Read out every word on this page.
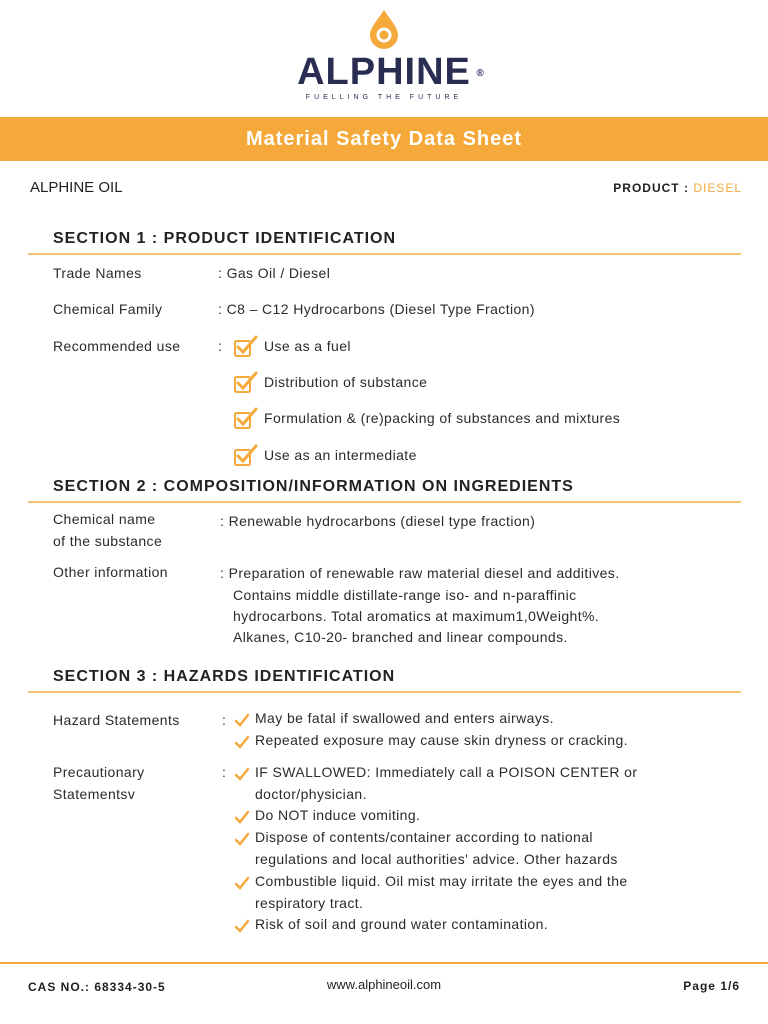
ALPHINE ®
FUELLING THE FUTURE
Material Safety Data Sheet
ALPHINE OIL	PRODUCT : DIESEL
SECTION 1 : PRODUCT IDENTIFICATION
Trade Names	: Gas Oil / Diesel
Chemical Family	: C8 – C12 Hydrocarbons (Diesel Type Fraction)
Recommended use	:	Use as a fuel
Distribution of substance
Formulation & (re)packing of substances and mixtures
Use as an intermediate
SECTION 2 : COMPOSITION/INFORMATION ON INGREDIENTS
Chemical name
of the substance
: Renewable hydrocarbons (diesel type fraction)
Other information	: Preparation of renewable raw material diesel and additives.
Contains middle distillate-range iso- and n-paraffinic
hydrocarbons. Total aromatics at maximum1,0Weight%.
Alkanes, C10-20- branched and linear compounds.
SECTION 3 : HAZARDS IDENTIFICATION
Hazard Statements	: May be fatal if swallowed and enters airways.
Repeated exposure may cause skin dryness or cracking.
Precautionary
Statementsv
: IF SWALLOWED: Immediately call a POISON CENTER or
doctor/physician.
Do NOT induce vomiting.
Dispose of contents/container according to national
regulations and local authorities' advice. Other hazards
Combustible liquid. Oil mist may irritate the eyes and the
respiratory tract.
Risk of soil and ground water contamination.
CAS NO.: 68334-30-5	www.alphineoil.com	Page 1/6
